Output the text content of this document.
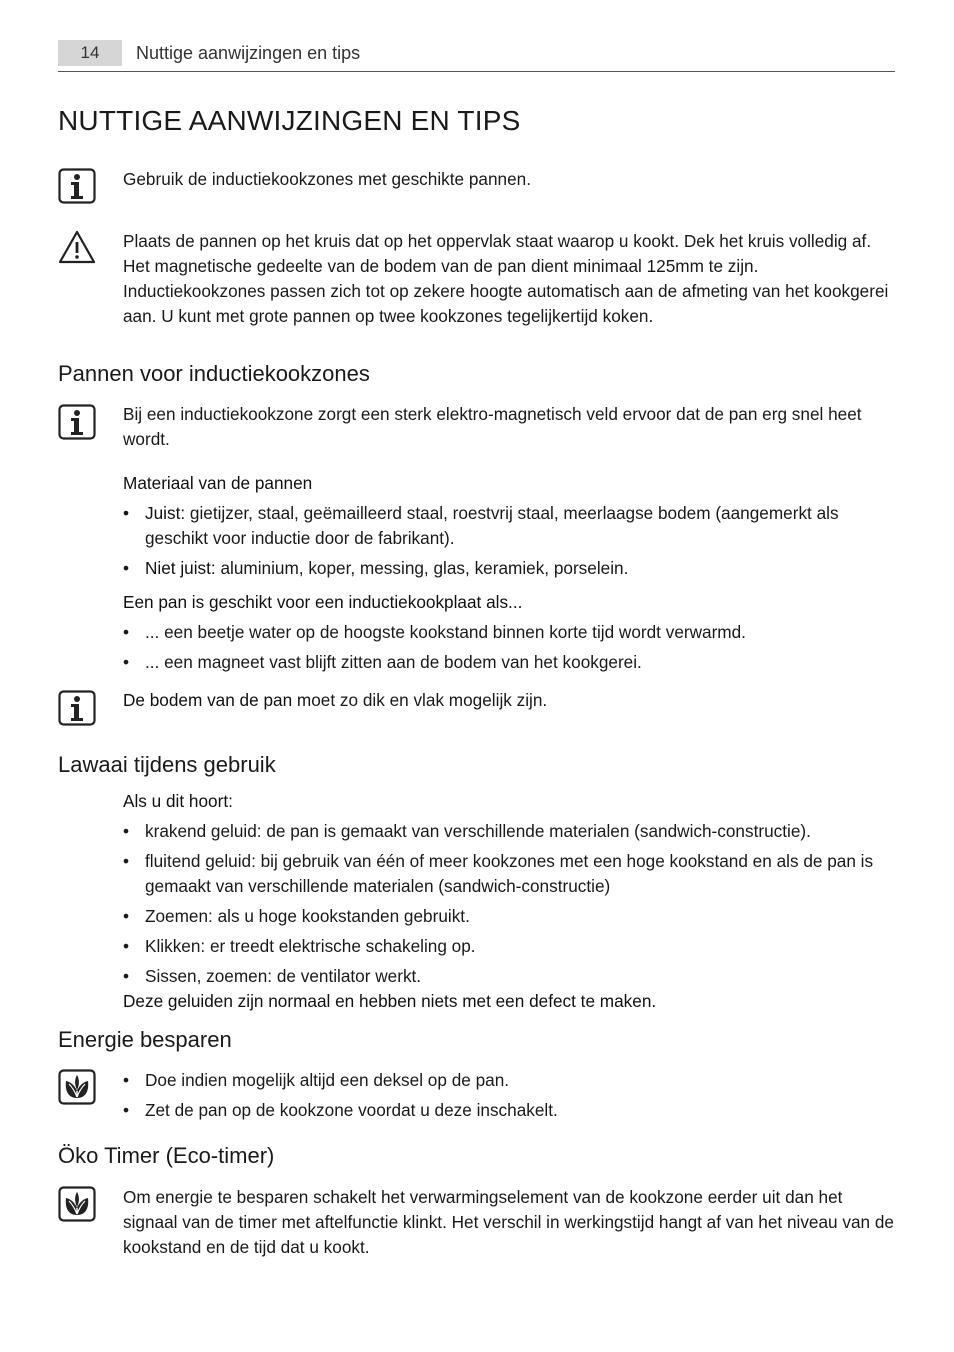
14	Nuttige aanwijzingen en tips
NUTTIGE AANWIJZINGEN EN TIPS
Gebruik de inductiekookzones met geschikte pannen.
Plaats de pannen op het kruis dat op het oppervlak staat waarop u kookt. Dek het kruis volledig af. Het magnetische gedeelte van de bodem van de pan dient minimaal 125mm te zijn. Inductiekookzones passen zich tot op zekere hoogte automatisch aan de afmeting van het kookgerei aan. U kunt met grote pannen op twee kookzones tegelijkertijd koken.
Pannen voor inductiekookzones
Bij een inductiekookzone zorgt een sterk elektro-magnetisch veld ervoor dat de pan erg snel heet wordt.
Materiaal van de pannen
• Juist: gietijzer, staal, geëmailleerd staal, roestvrij staal, meerlaagse bodem (aangemerkt als geschikt voor inductie door de fabrikant).
• Niet juist: aluminium, koper, messing, glas, keramiek, porselein.
Een pan is geschikt voor een inductiekookplaat als...
• ... een beetje water op de hoogste kookstand binnen korte tijd wordt verwarmd.
• ... een magneet vast blijft zitten aan de bodem van het kookgerei.
De bodem van de pan moet zo dik en vlak mogelijk zijn.
Lawaai tijdens gebruik
Als u dit hoort:
• krakend geluid: de pan is gemaakt van verschillende materialen (sandwich-constructie).
• fluitend geluid: bij gebruik van één of meer kookzones met een hoge kookstand en als de pan is gemaakt van verschillende materialen (sandwich-constructie)
• Zoemen: als u hoge kookstanden gebruikt.
• Klikken: er treedt elektrische schakeling op.
• Sissen, zoemen: de ventilator werkt.
Deze geluiden zijn normaal en hebben niets met een defect te maken.
Energie besparen
• Doe indien mogelijk altijd een deksel op de pan.
• Zet de pan op de kookzone voordat u deze inschakelt.
Öko Timer (Eco-timer)
Om energie te besparen schakelt het verwarmingselement van de kookzone eerder uit dan het signaal van de timer met aftelfunctie klinkt. Het verschil in werkingstijd hangt af van het niveau van de kookstand en de tijd dat u kookt.
